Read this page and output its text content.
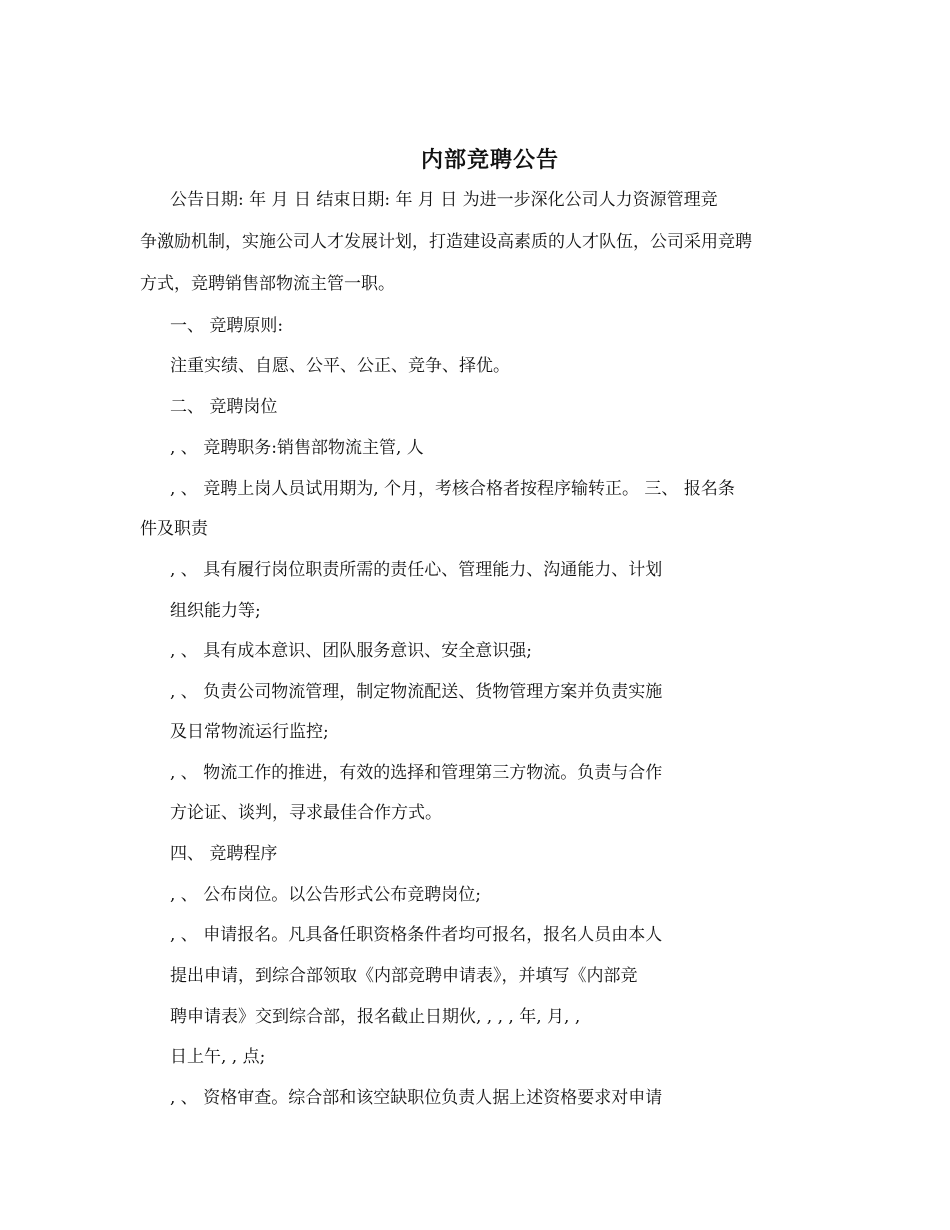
内部竞聘公告
公告日期: 年 月 日 结束日期: 年 月 日 为进一步深化公司人力资源管理竞
争激励机制，实施公司人才发展计划，打造建设高素质的人才队伍，公司采用竞聘
方式，竞聘销售部物流主管一职。
一、 竞聘原则:
注重实绩、自愿、公平、公正、竞争、择优。
二、 竞聘岗位
, 、 竞聘职务:销售部物流主管, 人
, 、 竞聘上岗人员试用期为, 个月，考核合格者按程序输转正。 三、 报名条
件及职责
, 、 具有履行岗位职责所需的责任心、管理能力、沟通能力、计划
组织能力等;
, 、 具有成本意识、团队服务意识、安全意识强;
, 、 负责公司物流管理，制定物流配送、货物管理方案并负责实施
及日常物流运行监控;
, 、 物流工作的推进，有效的选择和管理第三方物流。负责与合作
方论证、谈判，寻求最佳合作方式。
四、 竞聘程序
, 、 公布岗位。以公告形式公布竞聘岗位;
, 、 申请报名。凡具备任职资格条件者均可报名，报名人员由本人
提出申请，到综合部领取《内部竞聘申请表》，并填写《内部竞
聘申请表》交到综合部，报名截止日期伙, , , , 年, 月, ,
日上午, , 点;
, 、 资格审查。综合部和该空缺职位负责人据上述资格要求对申请
